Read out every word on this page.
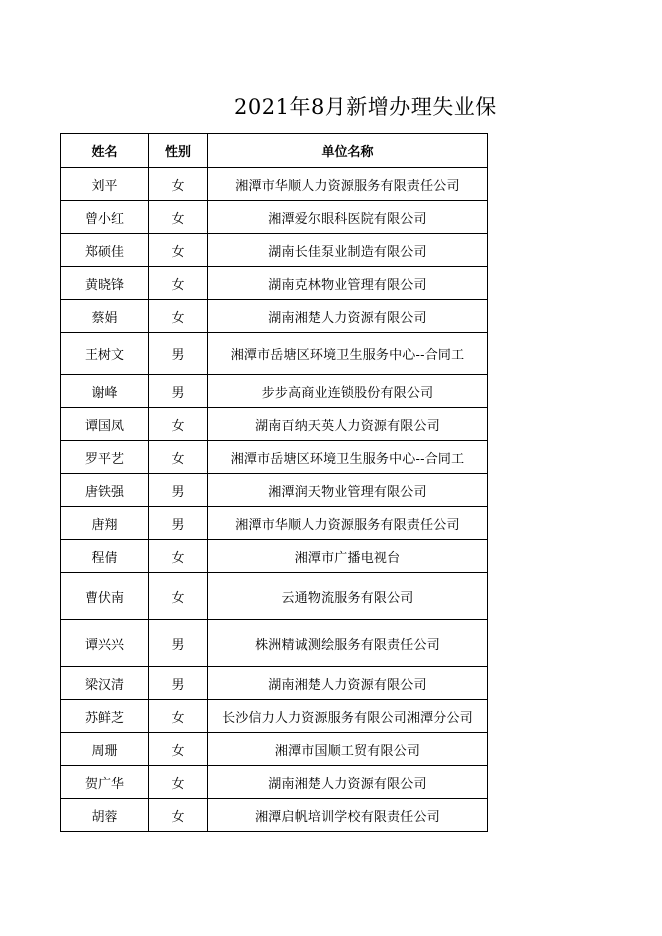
2021年8月新增办理失业保
姓名	性别	单位名称
刘平	女	湘潭市华顺人力资源服务有限责任公司
曾小红	女	湘潭爱尔眼科医院有限公司
郑硕佳	女	湖南长佳泵业制造有限公司
黄晓锋	女	湖南克林物业管理有限公司
蔡娟	女	湖南湘楚人力资源有限公司
王树文	男	湘潭市岳塘区环境卫生服务中心--合同工
谢峰	男	步步高商业连锁股份有限公司
谭国凤	女	湖南百纳天英人力资源有限公司
罗平艺	女	湘潭市岳塘区环境卫生服务中心--合同工
唐铁强	男	湘潭润天物业管理有限公司
唐翔	男	湘潭市华顺人力资源服务有限责任公司
程倩	女	湘潭市广播电视台
曹伏南	女	云通物流服务有限公司
谭兴兴	男	株洲精诚测绘服务有限责任公司
梁汉清	男	湖南湘楚人力资源有限公司
苏鲜芝	女	长沙信力人力资源服务有限公司湘潭分公司
周珊	女	湘潭市国顺工贸有限公司
贺广华	女	湖南湘楚人力资源有限公司
胡蓉	女	湘潭启帆培训学校有限责任公司
